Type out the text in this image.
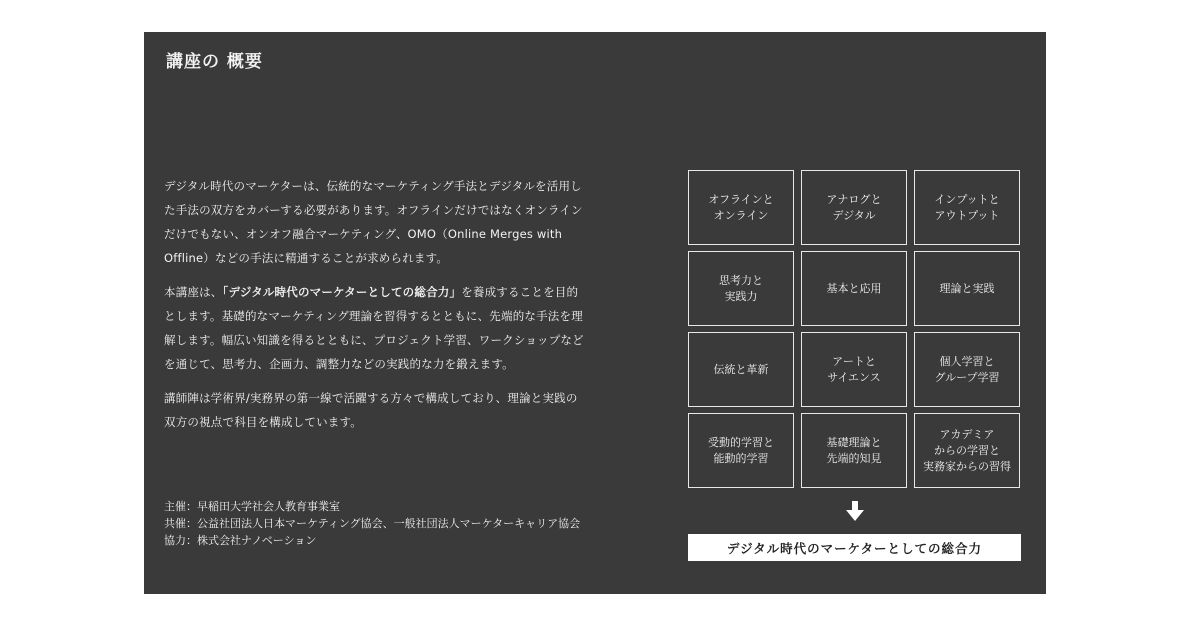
講座の 概要

デジタル時代のマーケターは、伝統的なマーケティング手法とデジタルを活用した手法の双方をカバーする必要があります。オフラインだけではなくオンラインだけでもない、オンオフ融合マーケティング、OMO（Online Merges with Offline）などの手法に精通することが求められます。

本講座は、「デジタル時代のマーケターとしての総合力」を養成することを目的とします。基礎的なマーケティング理論を習得するとともに、先端的な手法を理解します。幅広い知識を得るとともに、プロジェクト学習、ワークショップなどを通じて、思考力、企画力、調整力などの実践的な力を鍛えます。

講師陣は学術界/実務界の第一線で活躍する方々で構成しており、理論と実践の双方の視点で科目を構成しています。

主催：早稲田大学社会人教育事業室
共催：公益社団法人日本マーケティング協会、一般社団法人マーケターキャリア協会
協力：株式会社ナノベーション
オフラインと
オンライン
アナログと
デジタル
インプットと
アウトプット
思考力と
実践力
基本と応用	理論と実践
伝統と革新
アートと
サイエンス
個人学習と
グループ学習
受動的学習と
能動的学習
基礎理論と
先端的知見
アカデミア
からの学習と
実務家からの習得
デジタル時代のマーケターとしての総合力
